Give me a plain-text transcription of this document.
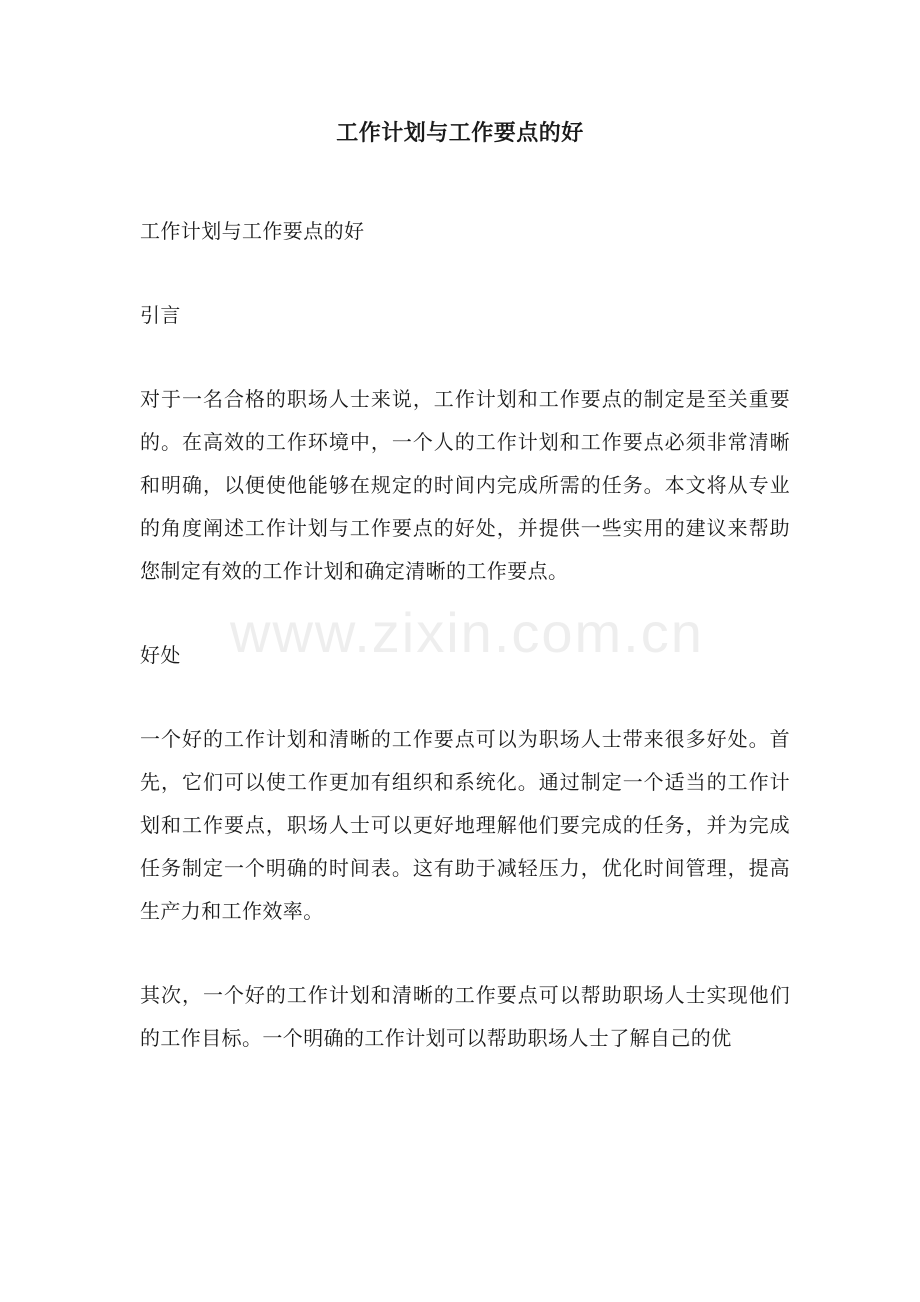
工作计划与工作要点的好

工作计划与工作要点的好

引言

对于一名合格的职场人士来说，工作计划和工作要点的制定是至关重要的。在高效的工作环境中，一个人的工作计划和工作要点必须非常清晰和明确，以便使他能够在规定的时间内完成所需的任务。本文将从专业的角度阐述工作计划与工作要点的好处，并提供一些实用的建议来帮助您制定有效的工作计划和确定清晰的工作要点。

好处

一个好的工作计划和清晰的工作要点可以为职场人士带来很多好处。首先，它们可以使工作更加有组织和系统化。通过制定一个适当的工作计划和工作要点，职场人士可以更好地理解他们要完成的任务，并为完成任务制定一个明确的时间表。这有助于减轻压力，优化时间管理，提高生产力和工作效率。

其次，一个好的工作计划和清晰的工作要点可以帮助职场人士实现他们的工作目标。一个明确的工作计划可以帮助职场人士了解自己的优

www.zixin.com.cn
